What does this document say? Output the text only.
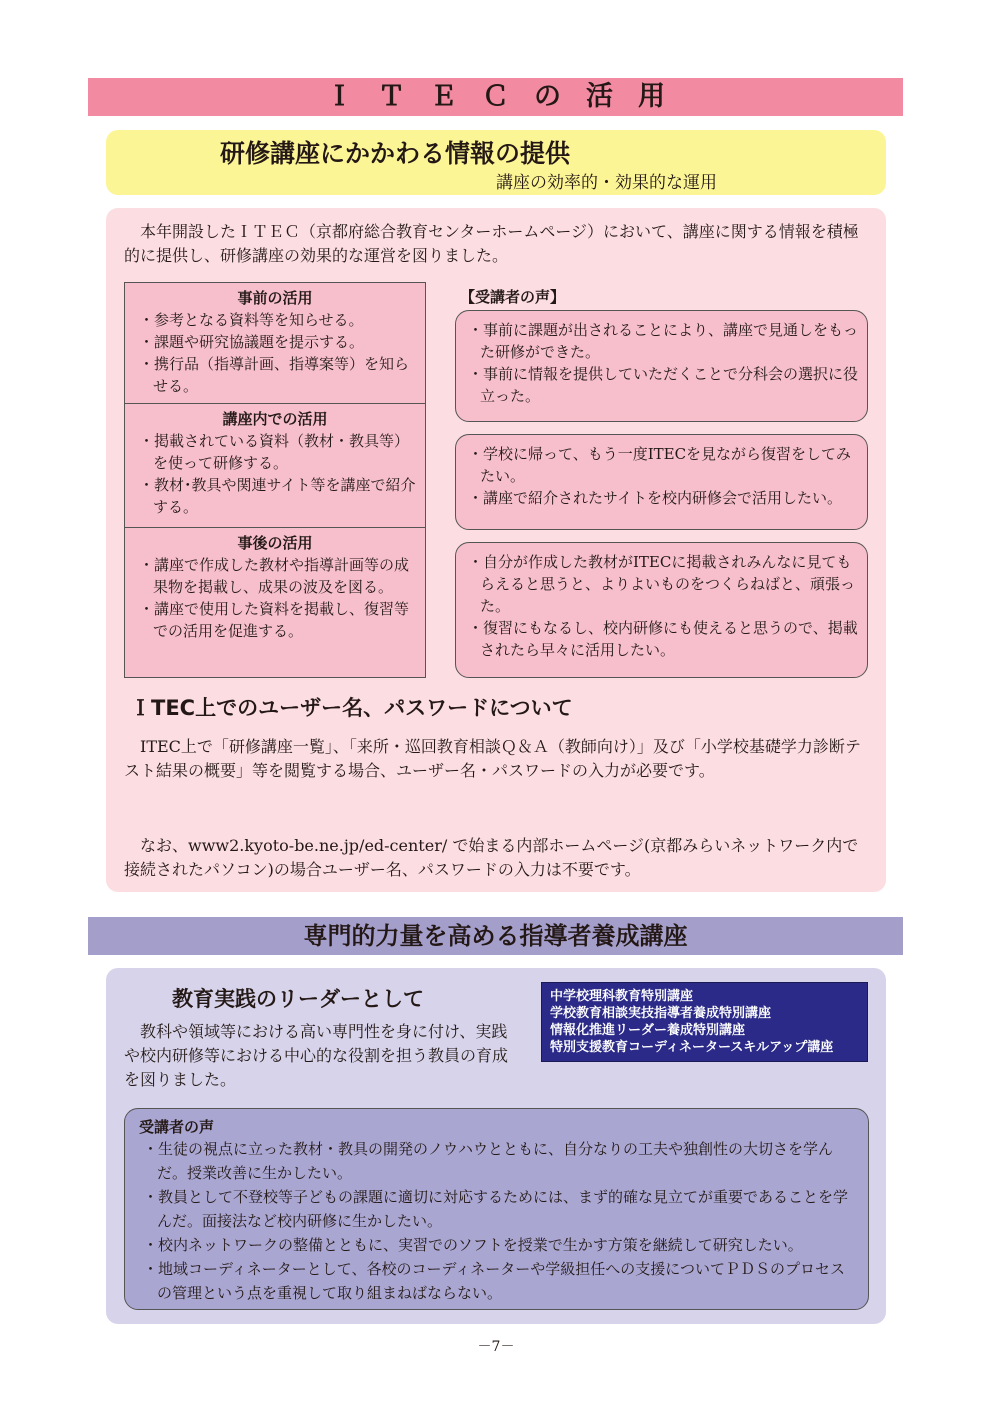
ＩＴＥＣの活用
研修講座にかかわる情報の提供
講座の効率的・効果的な運用
　本年開設したＩＴＥＣ（京都府総合教育センターホームページ）において、講座に関する情報を積極的に提供し、研修講座の効果的な運営を図りました。
事前の活用
・参考となる資料等を知らせる。
・課題や研究協議題を提示する。
・携行品（指導計画、指導案等）を知らせる。
講座内での活用
・掲載されている資料（教材・教具等）を使って研修する。
・教材･教具や関連サイト等を講座で紹介する。
事後の活用
・講座で作成した教材や指導計画等の成果物を掲載し、成果の波及を図る。
・講座で使用した資料を掲載し、復習等での活用を促進する。
【受講者の声】
・事前に課題が出されることにより、講座で見通しをもった研修ができた。
・事前に情報を提供していただくことで分科会の選択に役立った。
・学校に帰って、もう一度ITECを見ながら復習をしてみたい。
・講座で紹介されたサイトを校内研修会で活用したい。
・自分が作成した教材がITECに掲載されみんなに見てもらえると思うと、よりよいものをつくらねばと、頑張った。
・復習にもなるし、校内研修にも使えると思うので、掲載されたら早々に活用したい。
ＩTEC上でのユーザー名、パスワードについて
　ITEC上で「研修講座一覧」、「来所・巡回教育相談Ｑ＆Ａ（教師向け）」及び「小学校基礎学力診断テスト結果の概要」等を閲覧する場合、ユーザー名・パスワードの入力が必要です。
　なお、www2.kyoto-be.ne.jp/ed-center/ で始まる内部ホームページ(京都みらいネットワーク内で接続されたパソコン)の場合ユーザー名、パスワードの入力は不要です。
専門的力量を高める指導者養成講座
教育実践のリーダーとして
　教科や領域等における高い専門性を身に付け、実践や校内研修等における中心的な役割を担う教員の育成を図りました。
中学校理科教育特別講座
学校教育相談実技指導者養成特別講座
情報化推進リーダー養成特別講座
特別支援教育コーディネータースキルアップ講座
受講者の声
・生徒の視点に立った教材・教具の開発のノウハウとともに、自分なりの工夫や独創性の大切さを学んだ。授業改善に生かしたい。
・教員として不登校等子どもの課題に適切に対応するためには、まず的確な見立てが重要であることを学んだ。面接法など校内研修に生かしたい。
・校内ネットワークの整備とともに、実習でのソフトを授業で生かす方策を継続して研究したい。
・地域コーディネーターとして、各校のコーディネーターや学級担任への支援についてＰＤＳのプロセスの管理という点を重視して取り組まねばならない。
－7－
